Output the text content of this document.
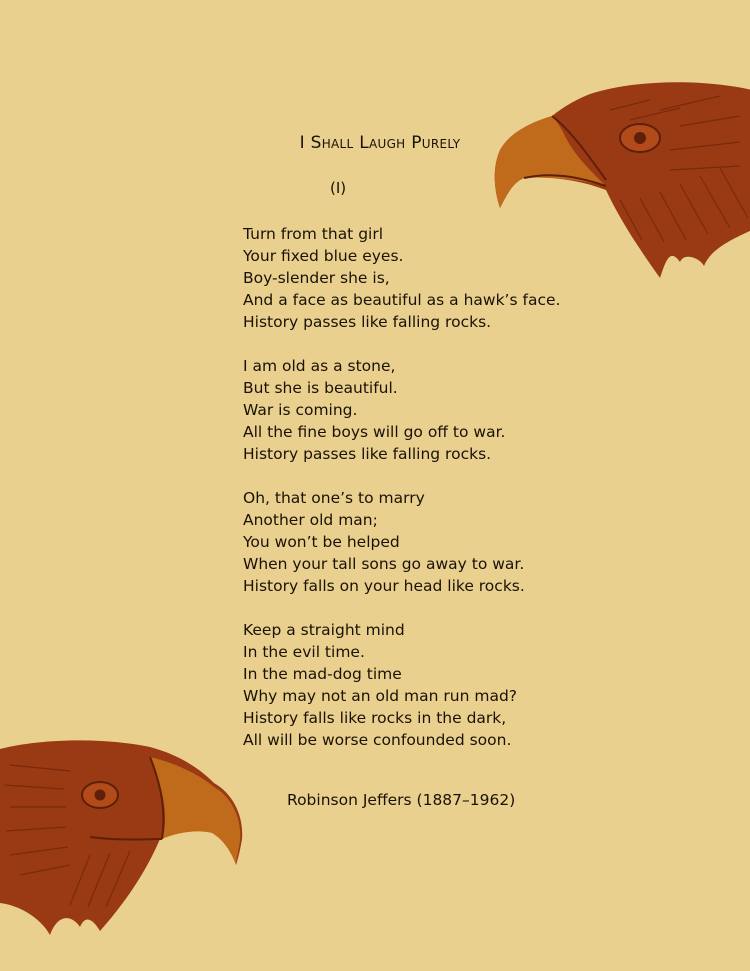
I Shall Laugh Purely
(I)
Turn from that girl
Your fixed blue eyes.
Boy-slender she is,
And a face as beautiful as a hawk’s face.
History passes like falling rocks.
I am old as a stone,
But she is beautiful.
War is coming.
All the fine boys will go off to war.
History passes like falling rocks.
Oh, that one’s to marry
Another old man;
You won’t be helped
When your tall sons go away to war.
History falls on your head like rocks.
Keep a straight mind
In the evil time.
In the mad-dog time
Why may not an old man run mad?
History falls like rocks in the dark,
All will be worse confounded soon.
Robinson Jeffers (1887–1962)
